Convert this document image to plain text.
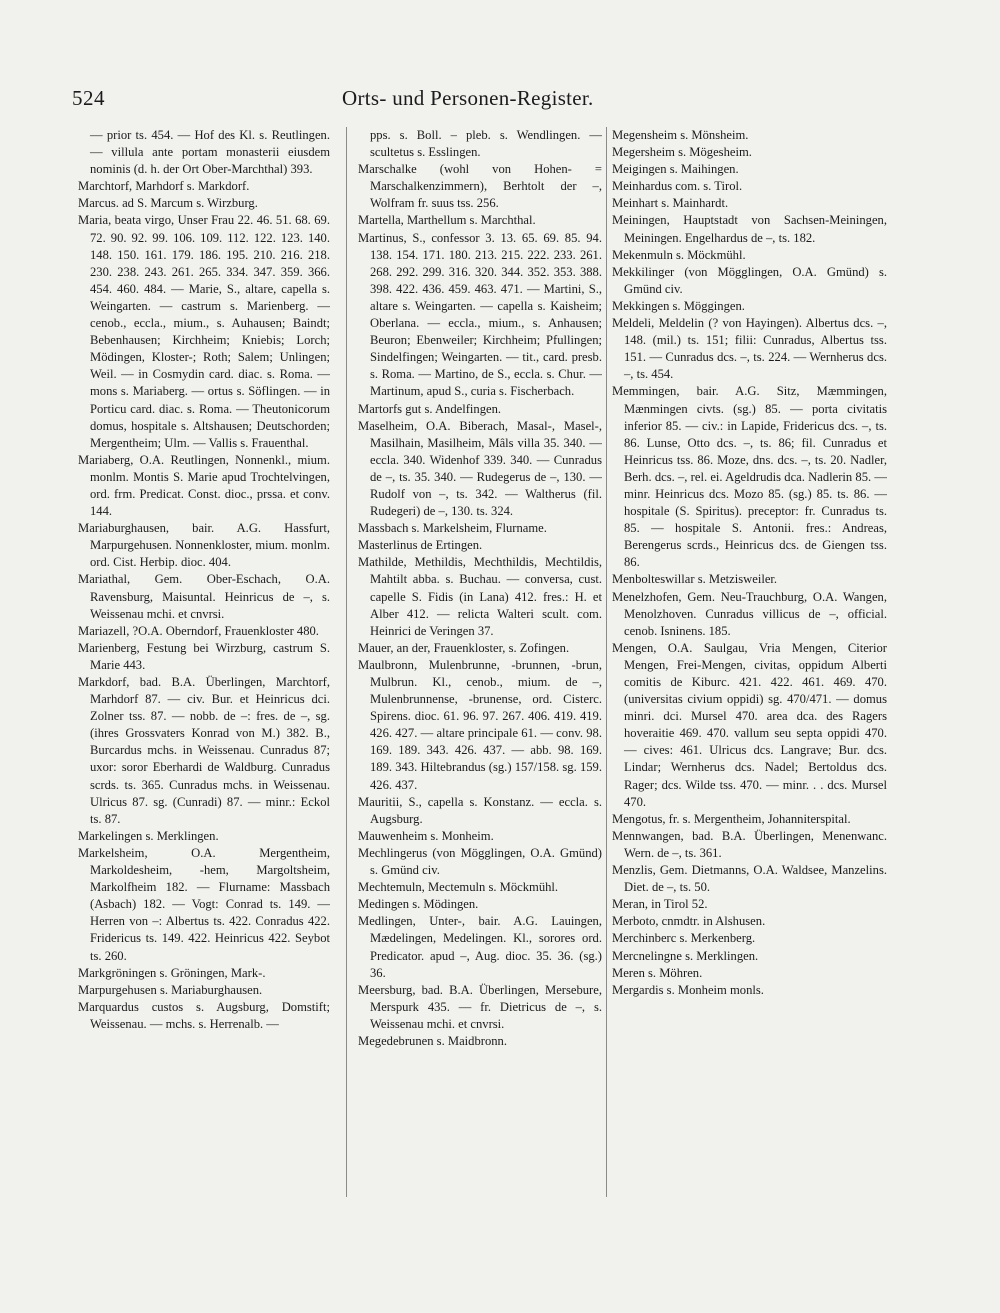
524	Orts- und Personen-Register.

— prior ts. 454. — Hof des Kl. s. Reutlingen. — villula ante portam monasterii eiusdem nominis (d. h. der Ort Ober-Marchthal) 393.

Marchtorf, Marhdorf s. Markdorf.

Marcus. ad S. Marcum s. Wirzburg.

Maria, beata virgo, Unser Frau 22. 46. 51. 68. 69. 72. 90. 92. 99. 106. 109. 112. 122. 123. 140. 148. 150. 161. 179. 186. 195. 210. 216. 218. 230. 238. 243. 261. 265. 334. 347. 359. 366. 454. 460. 484. — Marie, S., altare, capella s. Weingarten. — castrum s. Marienberg. — cenob., eccla., mium., s. Auhausen; Baindt; Bebenhausen; Kirchheim; Kniebis; Lorch; Mödingen, Kloster-; Roth; Salem; Unlingen; Weil. — in Cosmydin card. diac. s. Roma. — mons s. Mariaberg. — ortus s. Söflingen. — in Porticu card. diac. s. Roma. — Theutonicorum domus, hospitale s. Altshausen; Deutschorden; Mergentheim; Ulm. — Vallis s. Frauenthal.

Mariaberg, O.A. Reutlingen, Nonnenkl., mium. monlm. Montis S. Marie apud Trochtelvingen, ord. frm. Predicat. Const. dioc., prssa. et conv. 144.

Mariaburghausen, bair. A.G. Hassfurt, Marpurgehusen. Nonnenkloster, mium. monlm. ord. Cist. Herbip. dioc. 404.

Mariathal, Gem. Ober-Eschach, O.A. Ravensburg, Maisuntal. Heinricus de –, s. Weissenau mchi. et cnvrsi.

Mariazell, ?O.A. Oberndorf, Frauenkloster 480.

Marienberg, Festung bei Wirzburg, castrum S. Marie 443.

Markdorf, bad. B.A. Überlingen, Marchtorf, Marhdorf 87. — civ. Bur. et Heinricus dci. Zolner tss. 87. — nobb. de –: fres. de –, sg. (ihres Grossvaters Konrad von M.) 382. B., Burcardus mchs. in Weissenau. Cunradus 87; uxor: soror Eberhardi de Waldburg. Cunradus scrds. ts. 365. Cunradus mchs. in Weissenau. Ulricus 87. sg. (Cunradi) 87. — minr.: Eckol ts. 87.

Markelingen s. Merklingen.

Markelsheim, O.A. Mergentheim, Markoldesheim, -hem, Margoltsheim, Markolfheim 182. — Flurname: Massbach (Asbach) 182. — Vogt: Conrad ts. 149. — Herren von –: Albertus ts. 422. Conradus 422. Fridericus ts. 149. 422. Heinricus 422. Seybot ts. 260.

Markgröningen s. Gröningen, Mark-.

Marpurgehusen s. Mariaburghausen.

Marquardus custos s. Augsburg, Domstift; Weissenau. — mchs. s. Herrenalb. —

pps. s. Boll. – pleb. s. Wendlingen. — scultetus s. Esslingen.

Marschalke (wohl von Hohen- = Marschalkenzimmern), Berhtolt der –, Wolfram fr. suus tss. 256.

Martella, Marthellum s. Marchthal.

Martinus, S., confessor 3. 13. 65. 69. 85. 94. 138. 154. 171. 180. 213. 215. 222. 233. 261. 268. 292. 299. 316. 320. 344. 352. 353. 388. 398. 422. 436. 459. 463. 471. — Martini, S., altare s. Weingarten. — capella s. Kaisheim; Oberlana. — eccla., mium., s. Anhausen; Beuron; Ebenweiler; Kirchheim; Pfullingen; Sindelfingen; Weingarten. — tit., card. presb. s. Roma. — Martino, de S., eccla. s. Chur. — Martinum, apud S., curia s. Fischerbach.

Martorfs gut s. Andelfingen.

Maselheim, O.A. Biberach, Masal-, Masel-, Masilhain, Masilheim, Mâls villa 35. 340. — eccla. 340. Widenhof 339. 340. — Cunradus de –, ts. 35. 340. — Rudegerus de –, 130. — Rudolf von –, ts. 342. — Waltherus (fil. Rudegeri) de –, 130. ts. 324.

Massbach s. Markelsheim, Flurname.

Masterlinus de Ertingen.

Mathilde, Methildis, Mechthildis, Mechtildis, Mahtilt abba. s. Buchau. — conversa, cust. capelle S. Fidis (in Lana) 412. fres.: H. et Alber 412. — relicta Walteri scult. com. Heinrici de Veringen 37.

Mauer, an der, Frauenkloster, s. Zofingen.

Maulbronn, Mulenbrunne, -brunnen, -brun, Mulbrun. Kl., cenob., mium. de –, Mulenbrunnense, -brunense, ord. Cisterc. Spirens. dioc. 61. 96. 97. 267. 406. 419. 419. 426. 427. — altare principale 61. — conv. 98. 169. 189. 343. 426. 437. — abb. 98. 169. 189. 343. Hiltebrandus (sg.) 157/158. sg. 159. 426. 437.

Mauritii, S., capella s. Konstanz. — eccla. s. Augsburg.

Mauwenheim s. Monheim.

Mechlingerus (von Mögglingen, O.A. Gmünd) s. Gmünd civ.

Mechtemuln, Mectemuln s. Möckmühl.

Medingen s. Mödingen.

Medlingen, Unter-, bair. A.G. Lauingen, Mædelingen, Medelingen. Kl., sorores ord. Predicator. apud –, Aug. dioc. 35. 36. (sg.) 36.

Meersburg, bad. B.A. Überlingen, Mersebure, Merspurk 435. — fr. Dietricus de –, s. Weissenau mchi. et cnvrsi.

Megedebrunen s. Maidbronn.

Megensheim s. Mönsheim.

Megersheim s. Mögesheim.

Meigingen s. Maihingen.

Meinhardus com. s. Tirol.

Meinhart s. Mainhardt.

Meiningen, Hauptstadt von Sachsen-Meiningen, Meiningen. Engelhardus de –, ts. 182.

Mekenmuln s. Möckmühl.

Mekkilinger (von Mögglingen, O.A. Gmünd) s. Gmünd civ.

Mekkingen s. Möggingen.

Meldeli, Meldelin (? von Hayingen). Albertus dcs. –, 148. (mil.) ts. 151; filii: Cunradus, Albertus tss. 151. — Cunradus dcs. –, ts. 224. — Wernherus dcs. –, ts. 454.

Memmingen, bair. A.G. Sitz, Mæmmingen, Mænmingen civts. (sg.) 85. — porta civitatis inferior 85. — civ.: in Lapide, Fridericus dcs. –, ts. 86. Lunse, Otto dcs. –, ts. 86; fil. Cunradus et Heinricus tss. 86. Moze, dns. dcs. –, ts. 20. Nadler, Berh. dcs. –, rel. ei. Ageldrudis dca. Nadlerin 85. — minr. Heinricus dcs. Mozo 85. (sg.) 85. ts. 86. — hospitale (S. Spiritus). preceptor: fr. Cunradus ts. 85. — hospitale S. Antonii. fres.: Andreas, Berengerus scrds., Heinricus dcs. de Giengen tss. 86.

Menbolteswillar s. Metzisweiler.

Menelzhofen, Gem. Neu-Trauchburg, O.A. Wangen, Menolzhoven. Cunradus villicus de –, official. cenob. Isninens. 185.

Mengen, O.A. Saulgau, Vria Mengen, Citerior Mengen, Frei-Mengen, civitas, oppidum Alberti comitis de Kiburc. 421. 422. 461. 469. 470. (universitas civium oppidi) sg. 470/471. — domus minri. dci. Mursel 470. area dca. des Ragers hoveraitie 469. 470. vallum seu septa oppidi 470. — cives: 461. Ulricus dcs. Langrave; Bur. dcs. Lindar; Wernherus dcs. Nadel; Bertoldus dcs. Rager; dcs. Wilde tss. 470. — minr. . . dcs. Mursel 470.

Mengotus, fr. s. Mergentheim, Johanniterspital.

Mennwangen, bad. B.A. Überlingen, Menenwanc. Wern. de –, ts. 361.

Menzlis, Gem. Dietmanns, O.A. Waldsee, Manzelins. Diet. de –, ts. 50.

Meran, in Tirol 52.

Merboto, cnmdtr. in Alshusen.

Merchinberc s. Merkenberg.

Mercnelingne s. Merklingen.

Meren s. Möhren.

Mergardis s. Monheim monls.
